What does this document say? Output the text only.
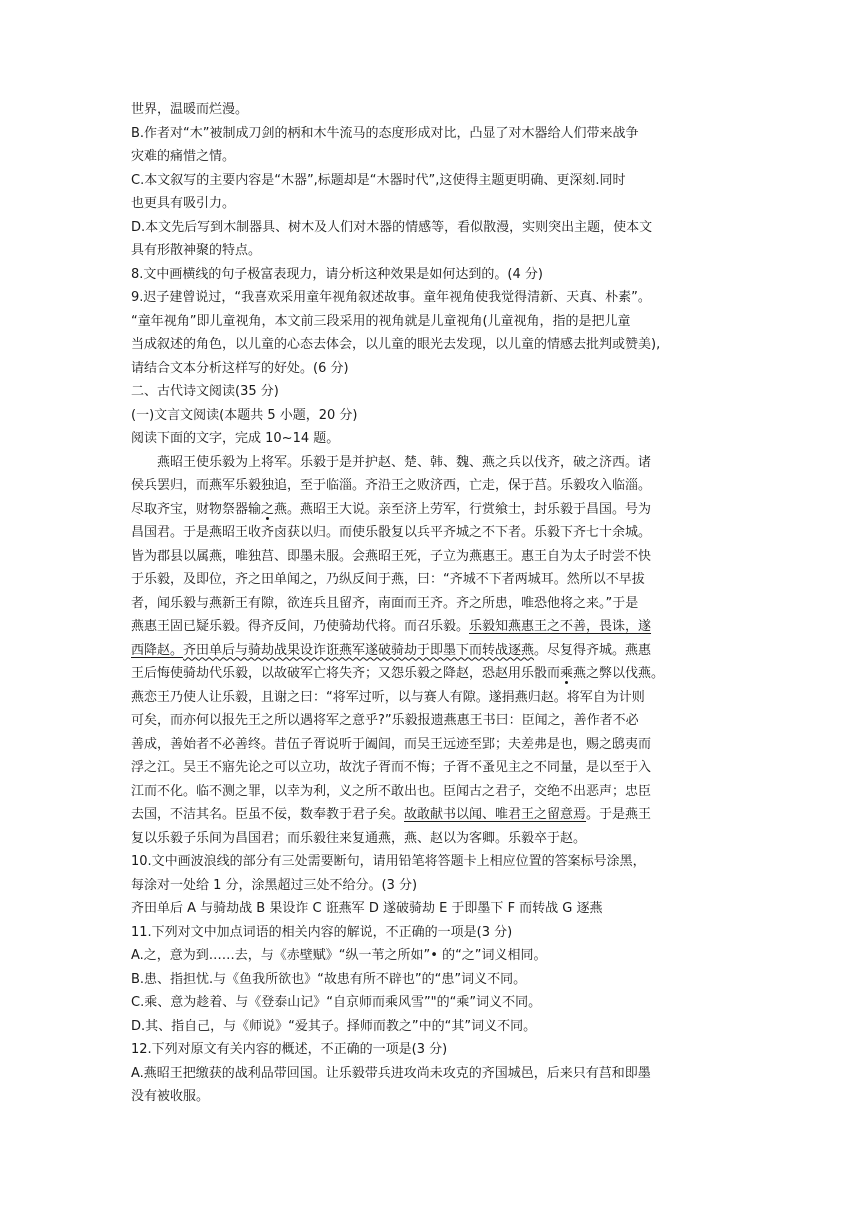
世界，温暖而烂漫。
B.作者对“木”被制成刀剑的柄和木牛流马的态度形成对比，凸显了对木器给人们带来战争
灾难的痛惜之情。
C.本文叙写的主要内容是“木器”,标题却是“木器时代”,这使得主题更明确、更深刻.同时
也更具有吸引力。
D.本文先后写到木制器具、树木及人们对木器的情感等，看似散漫，实则突出主题，使本文
具有形散神聚的特点。
8.文中画横线的句子极富表现力，请分析这种效果是如何达到的。(4 分)
9.迟子建曾说过，“我喜欢采用童年视角叙述故事。童年视角使我觉得清新、天真、朴素”。
“童年视角”即儿童视角，本文前三段采用的视角就是儿童视角(儿童视角，指的是把儿童
当成叙述的角色，以儿童的心态去体会，以儿童的眼光去发现，以儿童的情感去批判或赞美),
请结合文本分析这样写的好处。(6 分)
二、古代诗文阅读(35 分)
(一)文言文阅读(本题共 5 小题，20 分)
阅读下面的文字，完成 10~14 题。
燕昭王使乐毅为上将军。乐毅于是并护赵、楚、韩、魏、燕之兵以伐齐，破之济西。诸
侯兵罢归，而燕军乐毅独追，至于临淄。齐沿王之败济西，亡走，保于莒。乐毅攻入临淄。
尽取齐宝，财物祭器输之燕。燕昭王大说。亲至济上劳军，行赏飨士，封乐毅于昌国。号为
昌国君。于是燕昭王收齐卤获以归。而使乐骰复以兵平齐城之不下者。乐毅下齐七十余城。
皆为郡县以属燕，唯独莒、即墨未服。会燕昭王死，子立为燕惠王。惠王自为太子时尝不快
于乐毅，及即位，齐之田单闻之，乃纵反间于燕，曰：“齐城不下者两城耳。然所以不早拔
者，闻乐毅与燕新王有隙，欲连兵且留齐，南面而王齐。齐之所患，唯恐他将之来。”于是
燕惠王固已疑乐毅。得齐反间，乃使骑劫代将。而召乐毅。乐毅知燕惠王之不善，畏诛，遂
西降赵。齐田单后与骑劫战果设诈诳燕军遂破骑劫于即墨下而转战逐燕。尽复得齐城。燕惠
王后悔使骑劫代乐毅，以故破军亡将失齐；又怨乐毅之降赵，恐赵用乐骰而乘燕之弊以伐燕。
燕恋王乃使人让乐毅，且谢之曰：“将军过听，以与赛人有隙。遂捐燕归赵。将军自为计则
可矣，而亦何以报先王之所以遇将军之意乎?”乐毅报遗燕惠王书曰：臣闻之，善作者不必
善成，善始者不必善终。昔伍子胥说听于阖闾，而吴王远迹至郢；夫差弗是也，赐之鸱夷而
浮之江。吴王不寤先论之可以立功，故沈子胥而不悔；子胥不蚤见主之不同量，是以至于入
江而不化。临不测之罪，以幸为利，义之所不敢出也。臣闻古之君子，交绝不出恶声；忠臣
去国，不洁其名。臣虽不佞，数奉教于君子矣。故敢献书以闻、唯君王之留意焉。于是燕王
复以乐毅子乐间为昌国君；而乐毅往来复通燕，燕、赵以为客卿。乐毅卒于赵。
10.文中画波浪线的部分有三处需要断句，请用铅笔将答题卡上相应位置的答案标号涂黑，
每涂对一处给 1 分，涂黑超过三处不给分。(3 分)
齐田单后 A 与骑劫战 B 果设诈 C 诳燕军 D 遂破骑劫 E 于即墨下 F 而转战 G 逐燕
11.下列对文中加点词语的相关内容的解说，不正确的一项是(3 分)
A.之，意为到……去，与《赤壁赋》“纵一苇之所如”• 的“之”词义相同。
B.患、指担忧.与《鱼我所欲也》“故患有所不辟也”的“患”词义不同。
C.乘、意为趁着、与《登泰山记》“自京师而乘风雪”"的“乘”词义不同。
D.其、指自己，与《师说》“爱其子。择师而教之”中的“其”词义不同。
12.下列对原文有关内容的概述，不正确的一项是(3 分)
A.燕昭王把缴获的战利品带回国。让乐毅带兵进攻尚未攻克的齐国城邑，后来只有莒和即墨
没有被收服。
